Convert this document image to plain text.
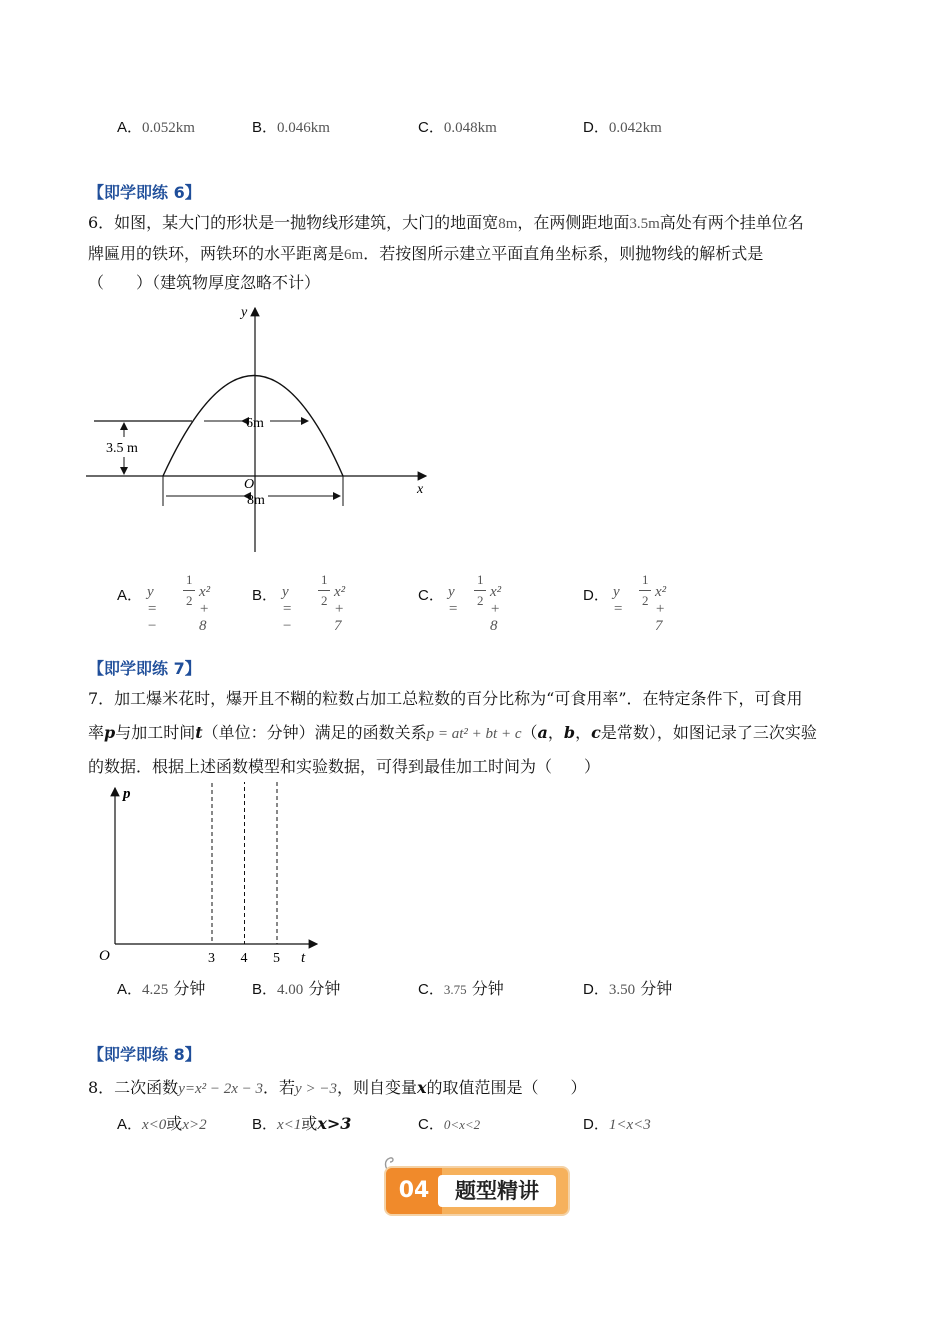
A．0.052km	B．0.046km	C．0.048km	D．0.042km
【即学即练 6】
6．如图，某大门的形状是一抛物线形建筑，大门的地面宽8m，在两侧距地面3.5m高处有两个挂单位名
牌匾用的铁环，两铁环的水平距离是6m．若按图所示建立平面直角坐标系，则抛物线的解析式是
（　　）（建筑物厚度忽略不计）
6m
3.5 m
8m
O	x
y
A． y = −
1
2
x² + 8
B． y = −
1
2
x² + 7
C． y =
1
2
x² + 8
D． y =
1
2
x² + 7
【即学即练 7】
7．加工爆米花时，爆开且不糊的粒数占加工总粒数的百分比称为“可食用率”．在特定条件下，可食用
率p与加工时间t（单位：分钟）满足的函数关系p = at² + bt + c（a，b，c是常数），如图记录了三次实验
的数据．根据上述函数模型和实验数据，可得到最佳加工时间为（　　）
p
t
O	3 4 5
A．4.25 分钟	B．4.00 分钟	C．3.75 分钟	D．3.50 分钟
【即学即练 8】
8．二次函数y=x² − 2x − 3．若y > −3，则自变量x的取值范围是（　　）
A．x<0或x>2	B．x<1或x>3	C．0<x<2	D．1<x<3
04	题型精讲
